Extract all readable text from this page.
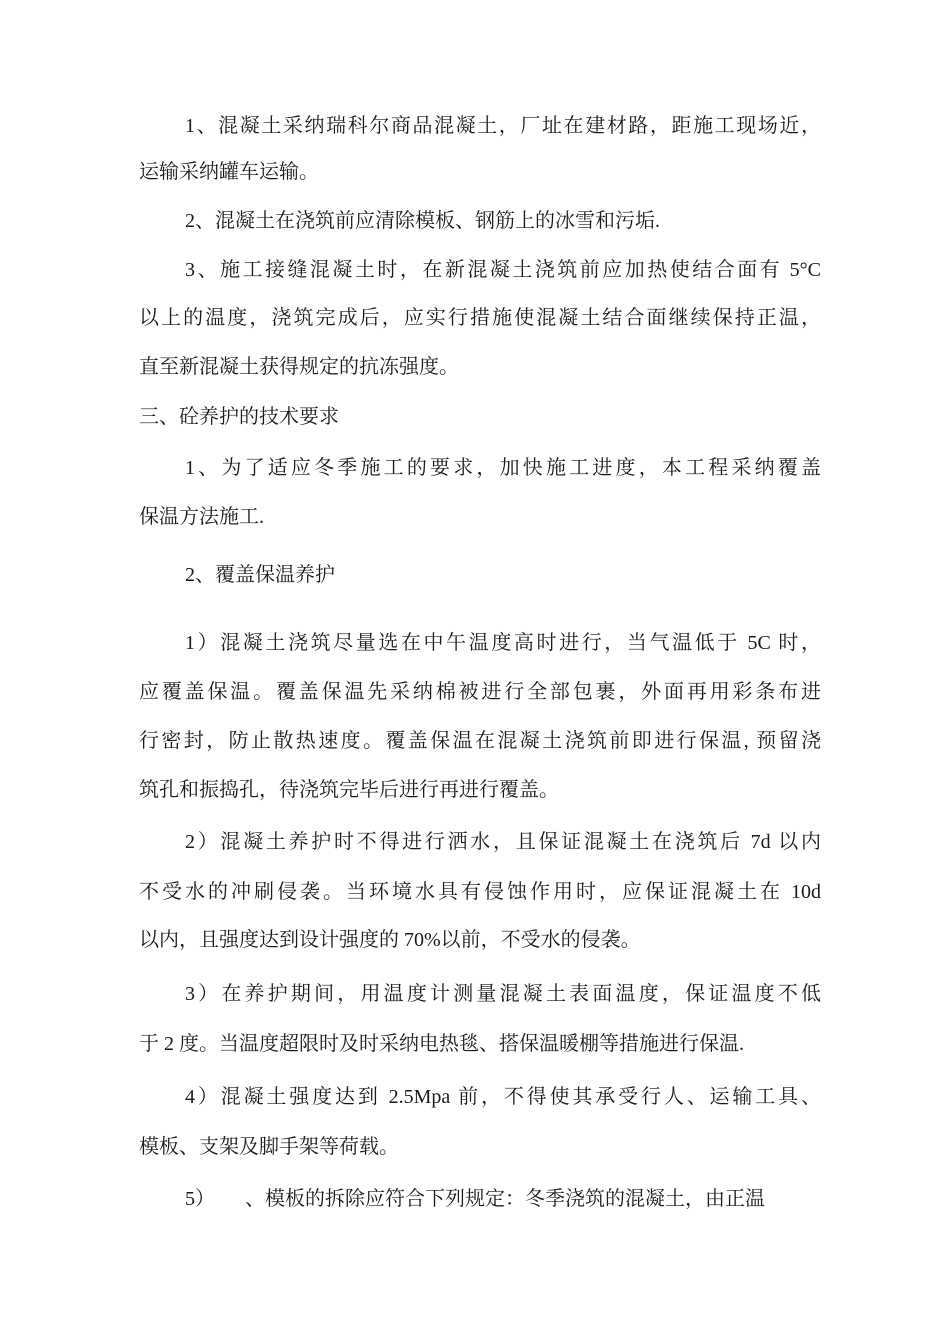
1、混凝土采纳瑞科尔商品混凝土，厂址在建材路，距施工现场近，
运输采纳罐车运输。
2、混凝土在浇筑前应清除模板、钢筋上的冰雪和污垢.
3、施工接缝混凝土时，在新混凝土浇筑前应加热使结合面有 5°C
以上的温度，浇筑完成后，应实行措施使混凝土结合面继续保持正温，
直至新混凝土获得规定的抗冻强度。
三、砼养护的技术要求
1、为了适应冬季施工的要求，加快施工进度，本工程采纳覆盖
保温方法施工.
2、覆盖保温养护
1）混凝土浇筑尽量选在中午温度高时进行，当气温低于 5C 时，
应覆盖保温。覆盖保温先采纳棉被进行全部包裹，外面再用彩条布进
行密封，防止散热速度。覆盖保温在混凝土浇筑前即进行保温, 预留浇
筑孔和振捣孔，待浇筑完毕后进行再进行覆盖。
2）混凝土养护时不得进行洒水，且保证混凝土在浇筑后 7d 以内
不受水的冲刷侵袭。当环境水具有侵蚀作用时，应保证混凝土在 10d
以内，且强度达到设计强度的 70%以前，不受水的侵袭。
3）在养护期间，用温度计测量混凝土表面温度，保证温度不低
于 2 度。当温度超限时及时采纳电热毯、搭保温暖棚等措施进行保温.
4）混凝土强度达到 2.5Mpa 前，不得使其承受行人、运输工具、
模板、支架及脚手架等荷载。
5）　　、模板的拆除应符合下列规定：冬季浇筑的混凝土，由正温
